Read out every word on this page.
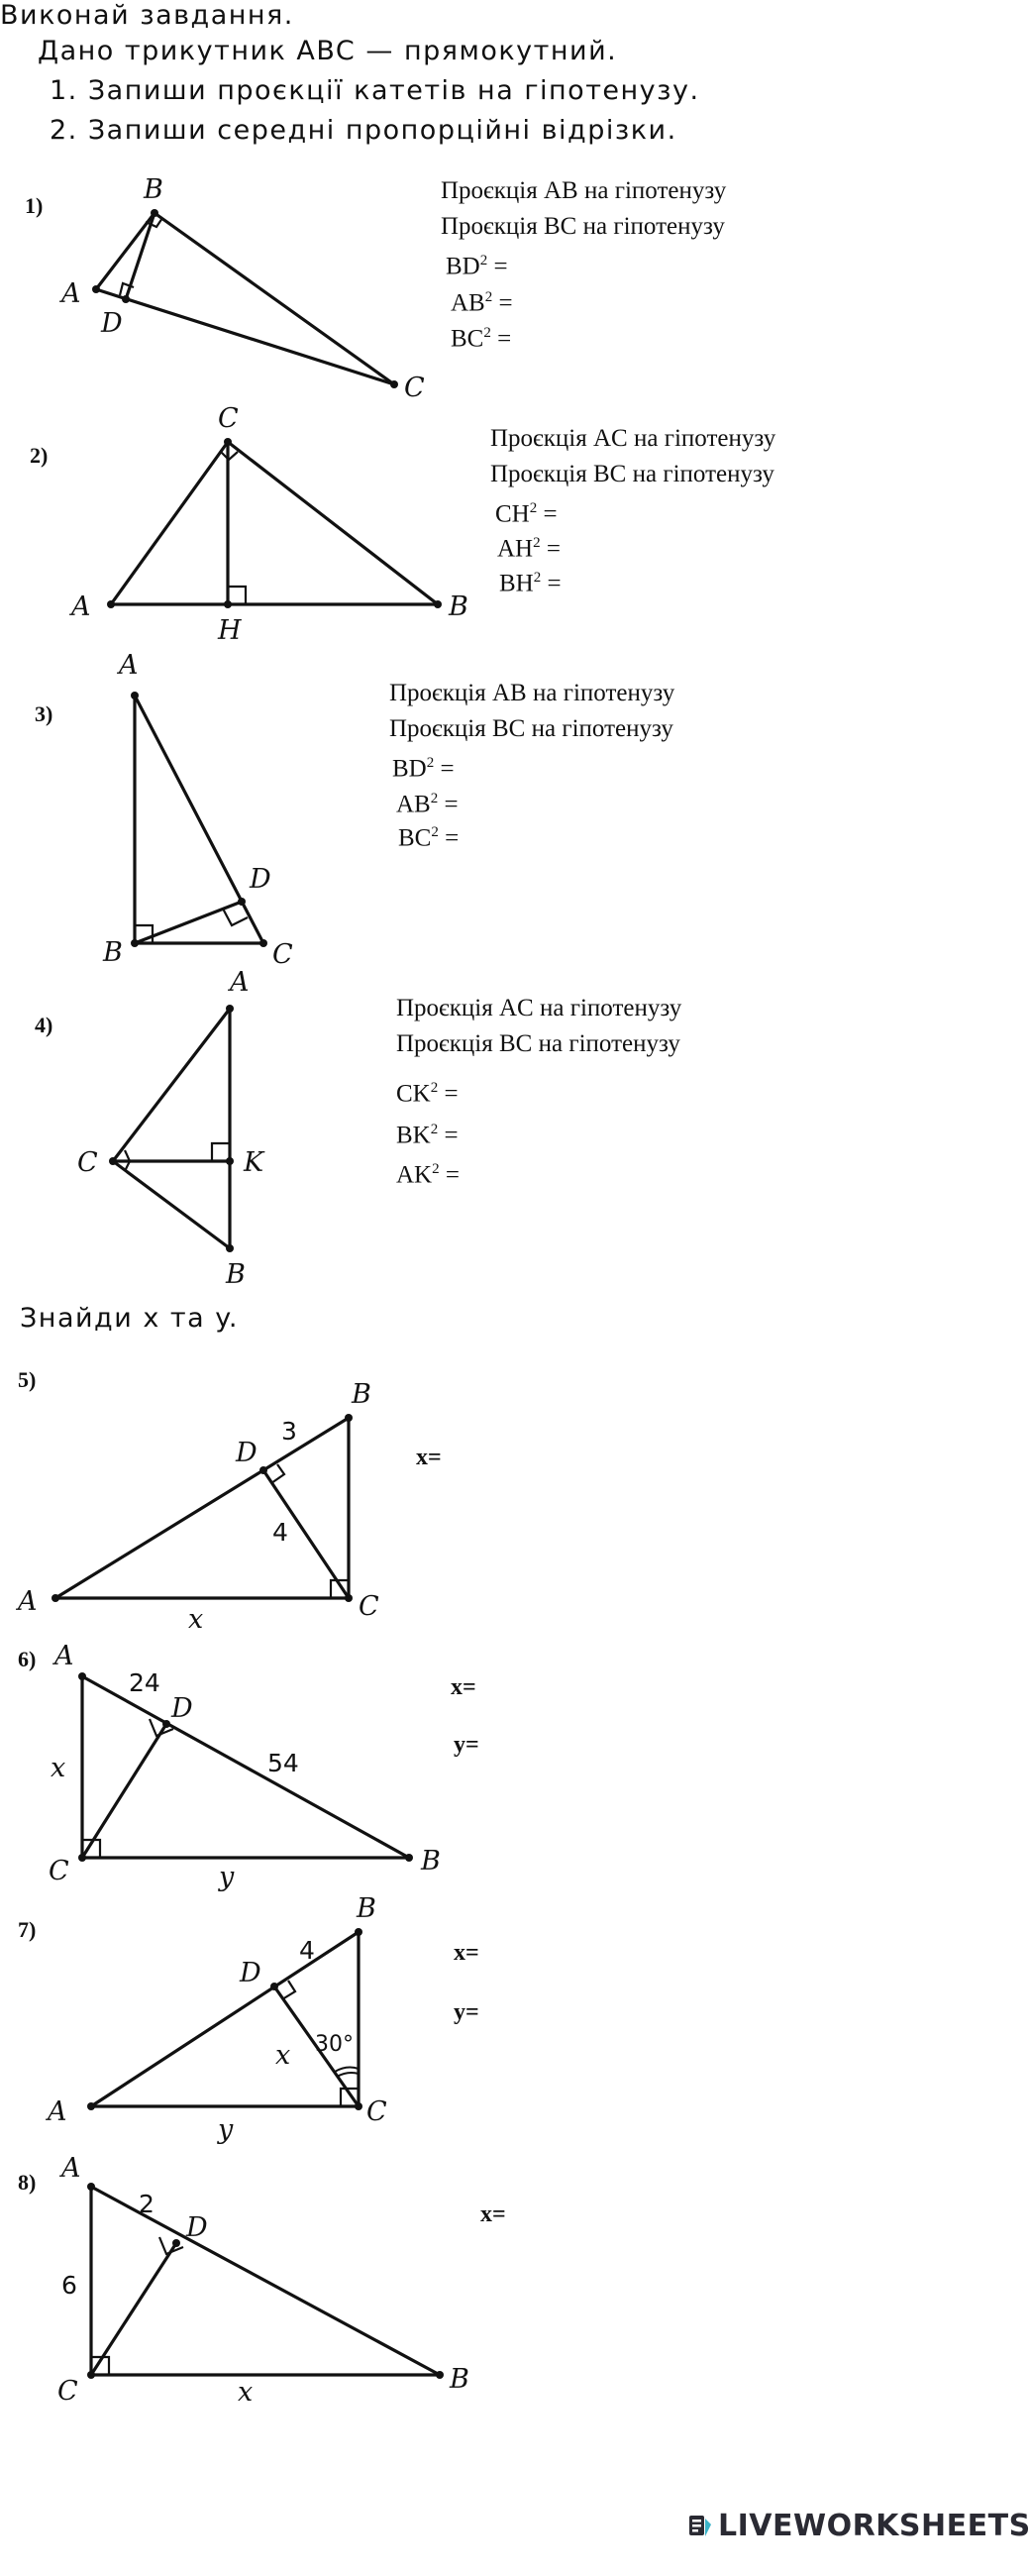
Виконай завдання.
Дано трикутник ABC — прямокутний.
1. Запиши проєкції катетів на гіпотенузу.
2. Запиши середні пропорційні відрізки.
1)
B
A
D
C
Проєкція AB на гіпотенузу
Проєкція BC на гіпотенузу
$BD^2$ =
$AB^2$ =
$BC^2$ =
2)
C
A
H
B
Проєкція AC на гіпотенузу
Проєкція BC на гіпотенузу
$CH^2$ =
$AH^2$ =
$BH^2$ =
3)
A
D
B	C
Проєкція AB на гіпотенузу
Проєкція BC на гіпотенузу
$BD^2$ =
$AB^2$ =
$BC^2$ =
4)
A
C	K
B
Проєкція AC на гіпотенузу
Проєкція BC на гіпотенузу
$CK^2$ =
$BK^2$ =
$AK^2$ =
Знайди x та y.
5)	B
D
3
4
A
x	C
x=
6) A
24
D
x	54
C	y
B
x=
y=
7)
B
4
D
30°
x
A
y
C
x=
y=
8) A
2
D
6
C	x	B
x=
LIVEWORKSHEETS
